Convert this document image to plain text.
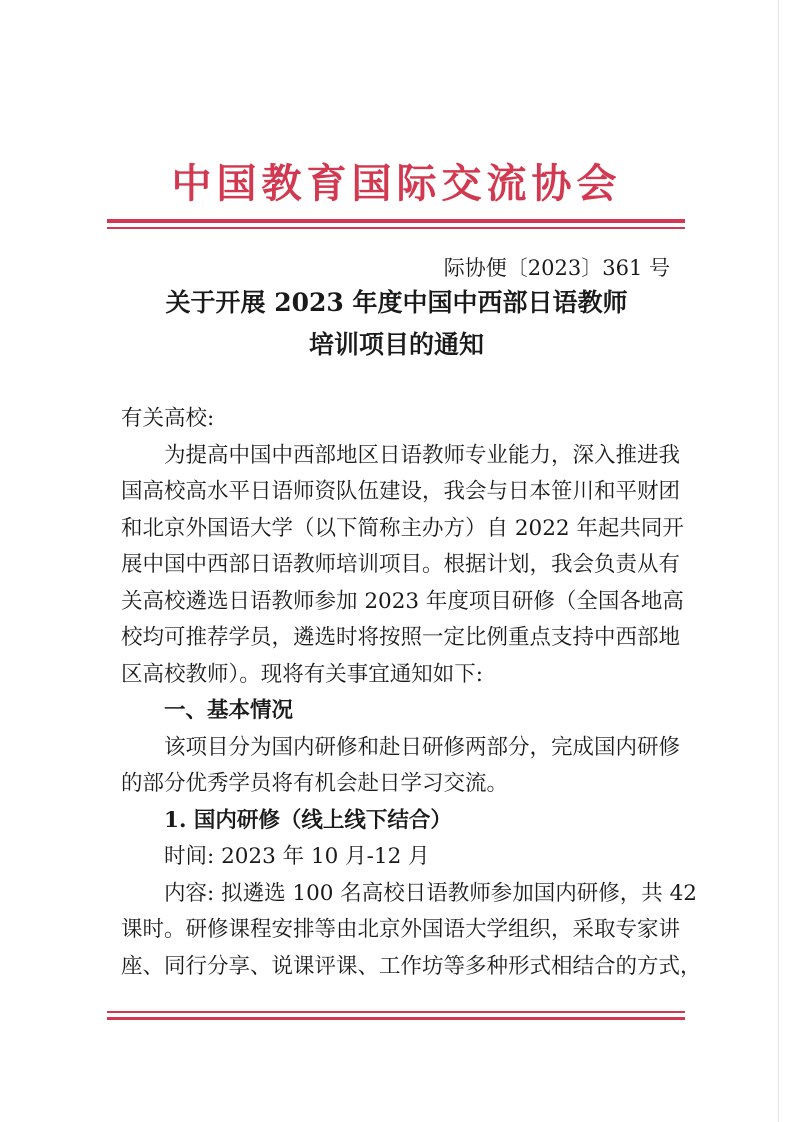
中国教育国际交流协会
际协便〔2023〕361 号
关于开展 2023 年度中国中西部日语教师
培训项目的通知
有关高校:
为提高中国中西部地区日语教师专业能力，深入推进我
国高校高水平日语师资队伍建设，我会与日本笹川和平财团
和北京外国语大学（以下简称主办方）自 2022 年起共同开
展中国中西部日语教师培训项目。根据计划，我会负责从有
关高校遴选日语教师参加 2023 年度项目研修（全国各地高
校均可推荐学员，遴选时将按照一定比例重点支持中西部地
区高校教师）。现将有关事宜通知如下:
一、基本情况
该项目分为国内研修和赴日研修两部分，完成国内研修
的部分优秀学员将有机会赴日学习交流。
1. 国内研修（线上线下结合）
时间: 2023 年 10 月-12 月
内容: 拟遴选 100 名高校日语教师参加国内研修，共 42
课时。研修课程安排等由北京外国语大学组织，采取专家讲
座、同行分享、说课评课、工作坊等多种形式相结合的方式，
